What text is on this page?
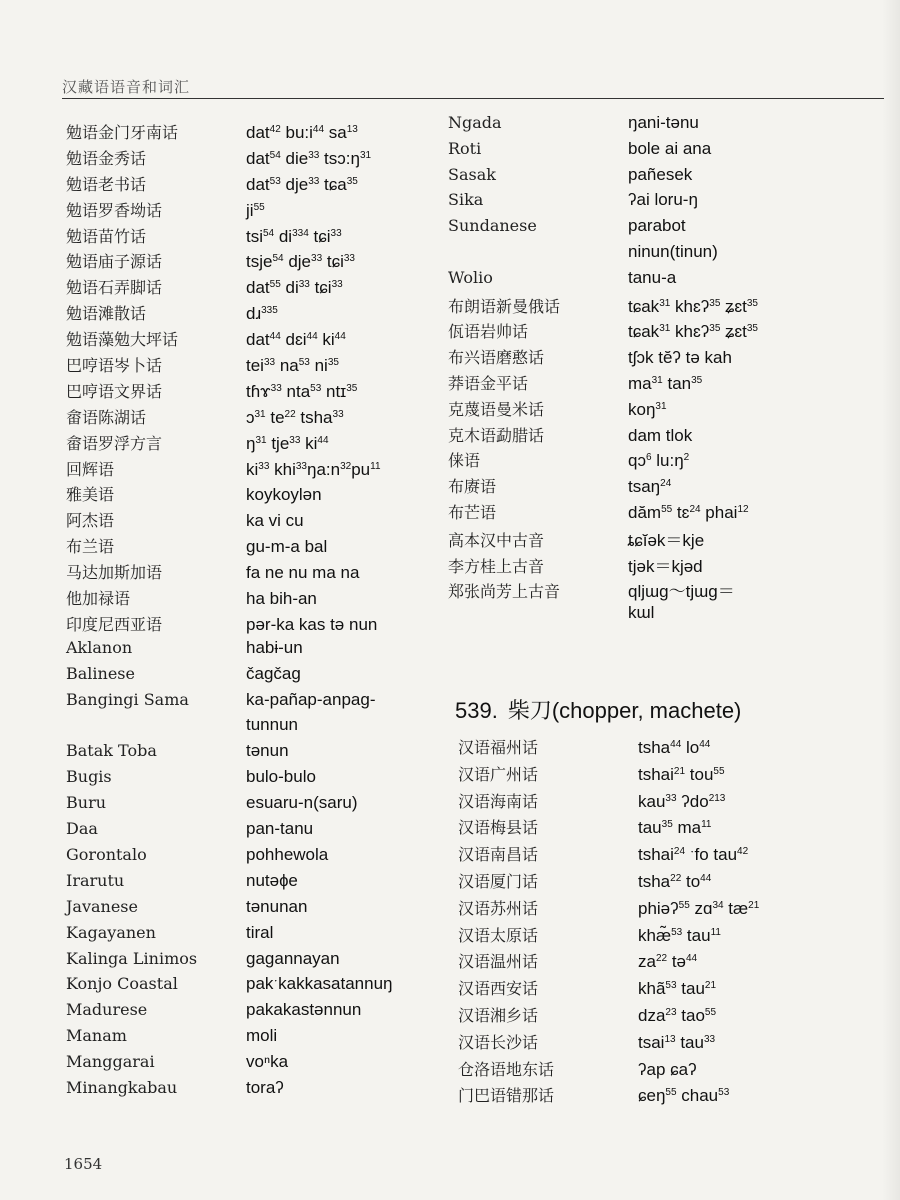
汉藏语语音和词汇
勉语金门牙南话	dat$^{42}$ $bu:i^{44}$ $sa^{13}$
勉语金秀话	dat$^{54}$ die$^{33}$ $tsɔ:ŋ^{31}$
勉语老书话	dat$^{53}$ dje$^{33}$ tɕa$^{35}$
勉语罗香坳话	$ji^{55}$
勉语苗竹话	tsi$^{54}$ $di^{334}$ tɕi$^{33}$
勉语庙子源话	tsje$^{54}$ dje$^{33}$ tɕi$^{33}$
勉语石弄脚话	dat$^{55}$ $di^{33}$ tɕi$^{33}$
勉语滩散话	dɹ$^{335}$
勉语藻勉大坪话	dat$^{44}$ dɛi$^{44}$ $ki^{44}$
巴哼语岑卜话	tei$^{33}$ $na^{53}$ $ni^{35}$
巴哼语文界话	tɦɤ$^{33}$ nta$^{53}$ ntɪ$^{35}$
畲语陈湖话	ɔ$^{31}$ $te^{22}$ tsha$^{33}$
畲语罗浮方言	$ŋ^{31}$ tje$^{33}$ $ki^{44}$
回辉语	$ki^{33}$ $khi^{33}ŋa:n^{32}pu^{11}$
雅美语	koykoylən
阿杰语	ka vi cu
布兰语	gu-m-a bal
马达加斯加语	fa ne nu ma na
他加禄语	ha bih-an
印度尼西亚语	pər-ka kas tə nun
Aklanon	habɨ-un
Balinese	čagčag
Bangingi Sama	ka-pañap-anpag-

tunnun
Batak Toba	tənun
Bugis	bulo-bulo
Buru	esuaru-n(saru)
Daa	pan-tanu
Gorontalo	pohhewola
Irarutu	nutəɸe
Javanese	tənunan
Kagayanen	tiral
Kalinga Linimos	gagannayan
Konjo Coastal	pakˑkakkasatannuŋ
Madurese	pakakastənnun
Manam	moli
Manggarai	voⁿka
Minangkabau	toraʔ
Ngada	ŋani-tənu
Roti	bole ai ana
Sasak	pañesek
Sika	ʔai loru-ŋ
Sundanese	parabot

ninun(tinun)
Wolio	tanu-a
布朗语新曼俄话	tɕak$^{31}$ khɛʔ$^{35}$ ʑɛt$^{35}$
佤语岩帅话	tɕak$^{31}$ khɛʔ$^{35}$ ʑɛt$^{35}$
布兴语磨憨话	tʃɔk tĕʔ tə kah
莽语金平话	$ma^{31}$ $\tan^{35}$
克蔑语曼米话	koŋ$^{31}$
克木语勐腊话	dam tlok
俫语	qɔ$^6$ $lu:ŋ^2$
布赓语	tsaŋ$^{24}$
布芒语	dăm$^{55}$ tɛ$^{24}$ phai$^{12}$
高本汉中古音	ȶɕĭək＝kje
李方桂上古音	tjək＝kjəd
郑张尚芳上古音	qljɯɡ～tjɯɡ＝

kɯl
539. 柴刀(chopper, machete)
汉语福州话	tsha$^{44}$ $lo^{44}$
汉语广州话	tshai$^{21}$ tou$^{55}$
汉语海南话	kau$^{33}$ ʔdo$^{213}$
汉语梅县话	tau$^{35}$ $ma^{11}$
汉语南昌话	tshai$^{24}$ ˑfo tau$^{42}$
汉语厦门话	tsha$^{22}$ $to^{44}$
汉语苏州话	phiəʔ$^{55}$ zɑ$^{34}$ $tæ^{21}$
汉语太原话	khæ̃$^{53}$ tau$^{11}$
汉语温州话	$za^{22}$ tə$^{44}$
汉语西安话	khã$^{53}$ tau$^{21}$
汉语湘乡话	dza$^{23}$ tao$^{55}$
汉语长沙话	tsai$^{13}$ tau$^{33}$
仓洛语地东话	ʔap ɕaʔ
门巴语错那话	ɕeŋ$^{55}$ chau$^{53}$
1654
